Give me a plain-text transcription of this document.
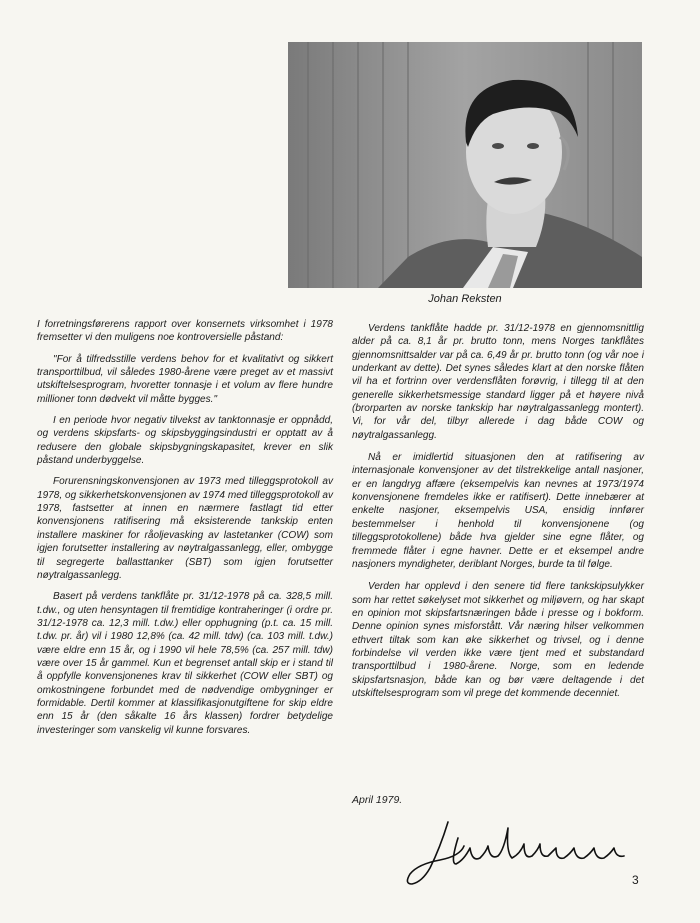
Johan Reksten

I forretningsførerens rapport over konsernets virksomhet i 1978 fremsetter vi den muligens noe kontroversielle påstand:

"For å tilfredsstille verdens behov for et kvalitativt og sikkert transporttilbud, vil således 1980-årene være preget av et massivt utskiftelsesprogram, hvoretter tonnasje i et volum av flere hundre millioner tonn dødvekt vil måtte bygges."

I en periode hvor negativ tilvekst av tanktonnasje er oppnådd, og verdens skipsfarts- og skipsbyggingsindustri er opptatt av å redusere den globale skipsbygningskapasitet, krever en slik påstand underbyggelse.

Forurensningskonvensjonen av 1973 med tilleggsprotokoll av 1978, og sikkerhetskonvensjonen av 1974 med tilleggsprotokoll av 1978, fastsetter at innen en nærmere fastlagt tid etter konvensjonens ratifisering må eksisterende tankskip enten installere maskiner for råoljevasking av lastetanker (COW) som igjen forutsetter installering av nøytralgassanlegg, eller, ombygge til segregerte ballasttanker (SBT) som igjen forutsetter nøytralgassanlegg.

Basert på verdens tankflåte pr. 31/12-1978 på ca. 328,5 mill. t.dw., og uten hensyntagen til fremtidige kontraheringer (i ordre pr. 31/12-1978 ca. 12,3 mill. t.dw.) eller opphugning (p.t. ca. 15 mill. t.dw. pr. år) vil i 1980 12,8% (ca. 42 mill. tdw) (ca. 103 mill. t.dw.) være eldre enn 15 år, og i 1990 vil hele 78,5% (ca. 257 mill. tdw) være over 15 år gammel. Kun et begrenset antall skip er i stand til å oppfylle konvensjonenes krav til sikkerhet (COW eller SBT) og omkostningene forbundet med de nødvendige ombygninger er formidable. Dertil kommer at klassifikasjonutgiftene for skip eldre enn 15 år (den såkalte 16 års klassen) fordrer betydelige investeringer som vanskelig vil kunne forsvares.

Verdens tankflåte hadde pr. 31/12-1978 en gjennomsnittlig alder på ca. 8,1 år pr. brutto tonn, mens Norges tankflåtes gjennomsnittsalder var på ca. 6,49 år pr. brutto tonn (og vår noe i underkant av dette). Det synes således klart at den norske flåten vil ha et fortrinn over verdensflåten forøvrig, i tillegg til at den generelle sikkerhetsmessige standard ligger på et høyere nivå (brorparten av norske tankskip har nøytralgassanlegg montert). Vi, for vår del, tilbyr allerede i dag både COW og nøytralgassanlegg.

Nå er imidlertid situasjonen den at ratifisering av internasjonale konvensjoner av det tilstrekkelige antall nasjoner, er en langdryg affære (eksempelvis kan nevnes at 1973/1974 konvensjonene fremdeles ikke er ratifisert). Dette innebærer at enkelte nasjoner, eksempelvis USA, ensidig innfører bestemmelser i henhold til konvensjonene (og tilleggsprotokollene) både hva gjelder sine egne flåter, og fremmede flåter i egne havner. Dette er et eksempel andre nasjoners myndigheter, deriblant Norges, burde ta til følge.

Verden har opplevd i den senere tid flere tankskipsulykker som har rettet søkelyset mot sikkerhet og miljøvern, og har skapt en opinion mot skipsfartsnæringen både i presse og i bokform. Denne opinion synes misforstått. Vår næring hilser velkommen ethvert tiltak som kan øke sikkerhet og trivsel, og i denne forbindelse vil verden ikke være tjent med et substandard transporttilbud i 1980-årene. Norge, som en ledende skipsfartsnasjon, både kan og bør være deltagende i det utskiftelsesprogram som vil prege det kommende decenniet.

April 1979.
3
